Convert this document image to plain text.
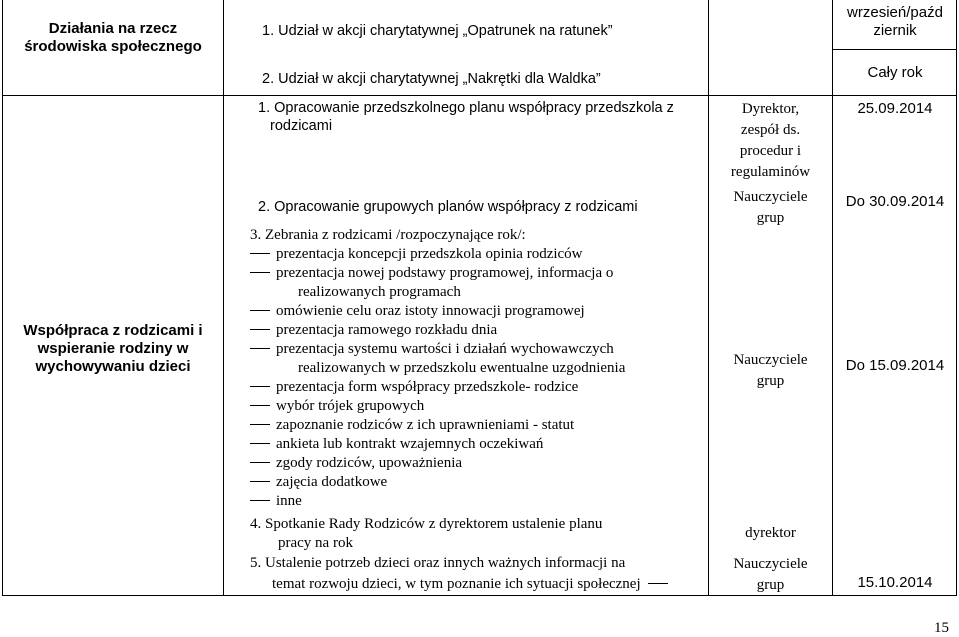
Działania na rzecz
środowiska społecznego
1. Udział w akcji charytatywnej „Opatrunek na ratunek”
2. Udział w akcji charytatywnej „Nakrętki dla Waldka”
wrzesień/paźd
ziernik
Cały rok
Współpraca z rodzicami i
wspieranie rodziny w
wychowywaniu dzieci
1. Opracowanie przedszkolnego planu współpracy przedszkola z
rodzicami
2. Opracowanie grupowych planów współpracy z rodzicami
3. Zebrania z rodzicami /rozpoczynające rok/:
prezentacja koncepcji przedszkola opinia rodziców
prezentacja nowej podstawy programowej, informacja o
realizowanych programach
omówienie celu oraz istoty innowacji programowej
prezentacja ramowego rozkładu dnia
prezentacja systemu wartości i działań wychowawczych
realizowanych w przedszkolu ewentualne uzgodnienia
prezentacja form współpracy przedszkole- rodzice
wybór trójek grupowych
zapoznanie rodziców z ich uprawnieniami - statut
ankieta lub kontrakt wzajemnych oczekiwań
zgody rodziców, upoważnienia
zajęcia dodatkowe
inne
4. Spotkanie Rady Rodziców z dyrektorem ustalenie planu
pracy na rok
5. Ustalenie potrzeb dzieci oraz innych ważnych informacji na
temat rozwoju dzieci, w tym poznanie ich sytuacji społecznej
Dyrektor,
zespół ds.
procedur i
regulaminów
Nauczyciele
grup
Nauczyciele
grup
dyrektor
Nauczyciele
grup
25.09.2014
Do 30.09.2014
Do 15.09.2014
15.10.2014
15
